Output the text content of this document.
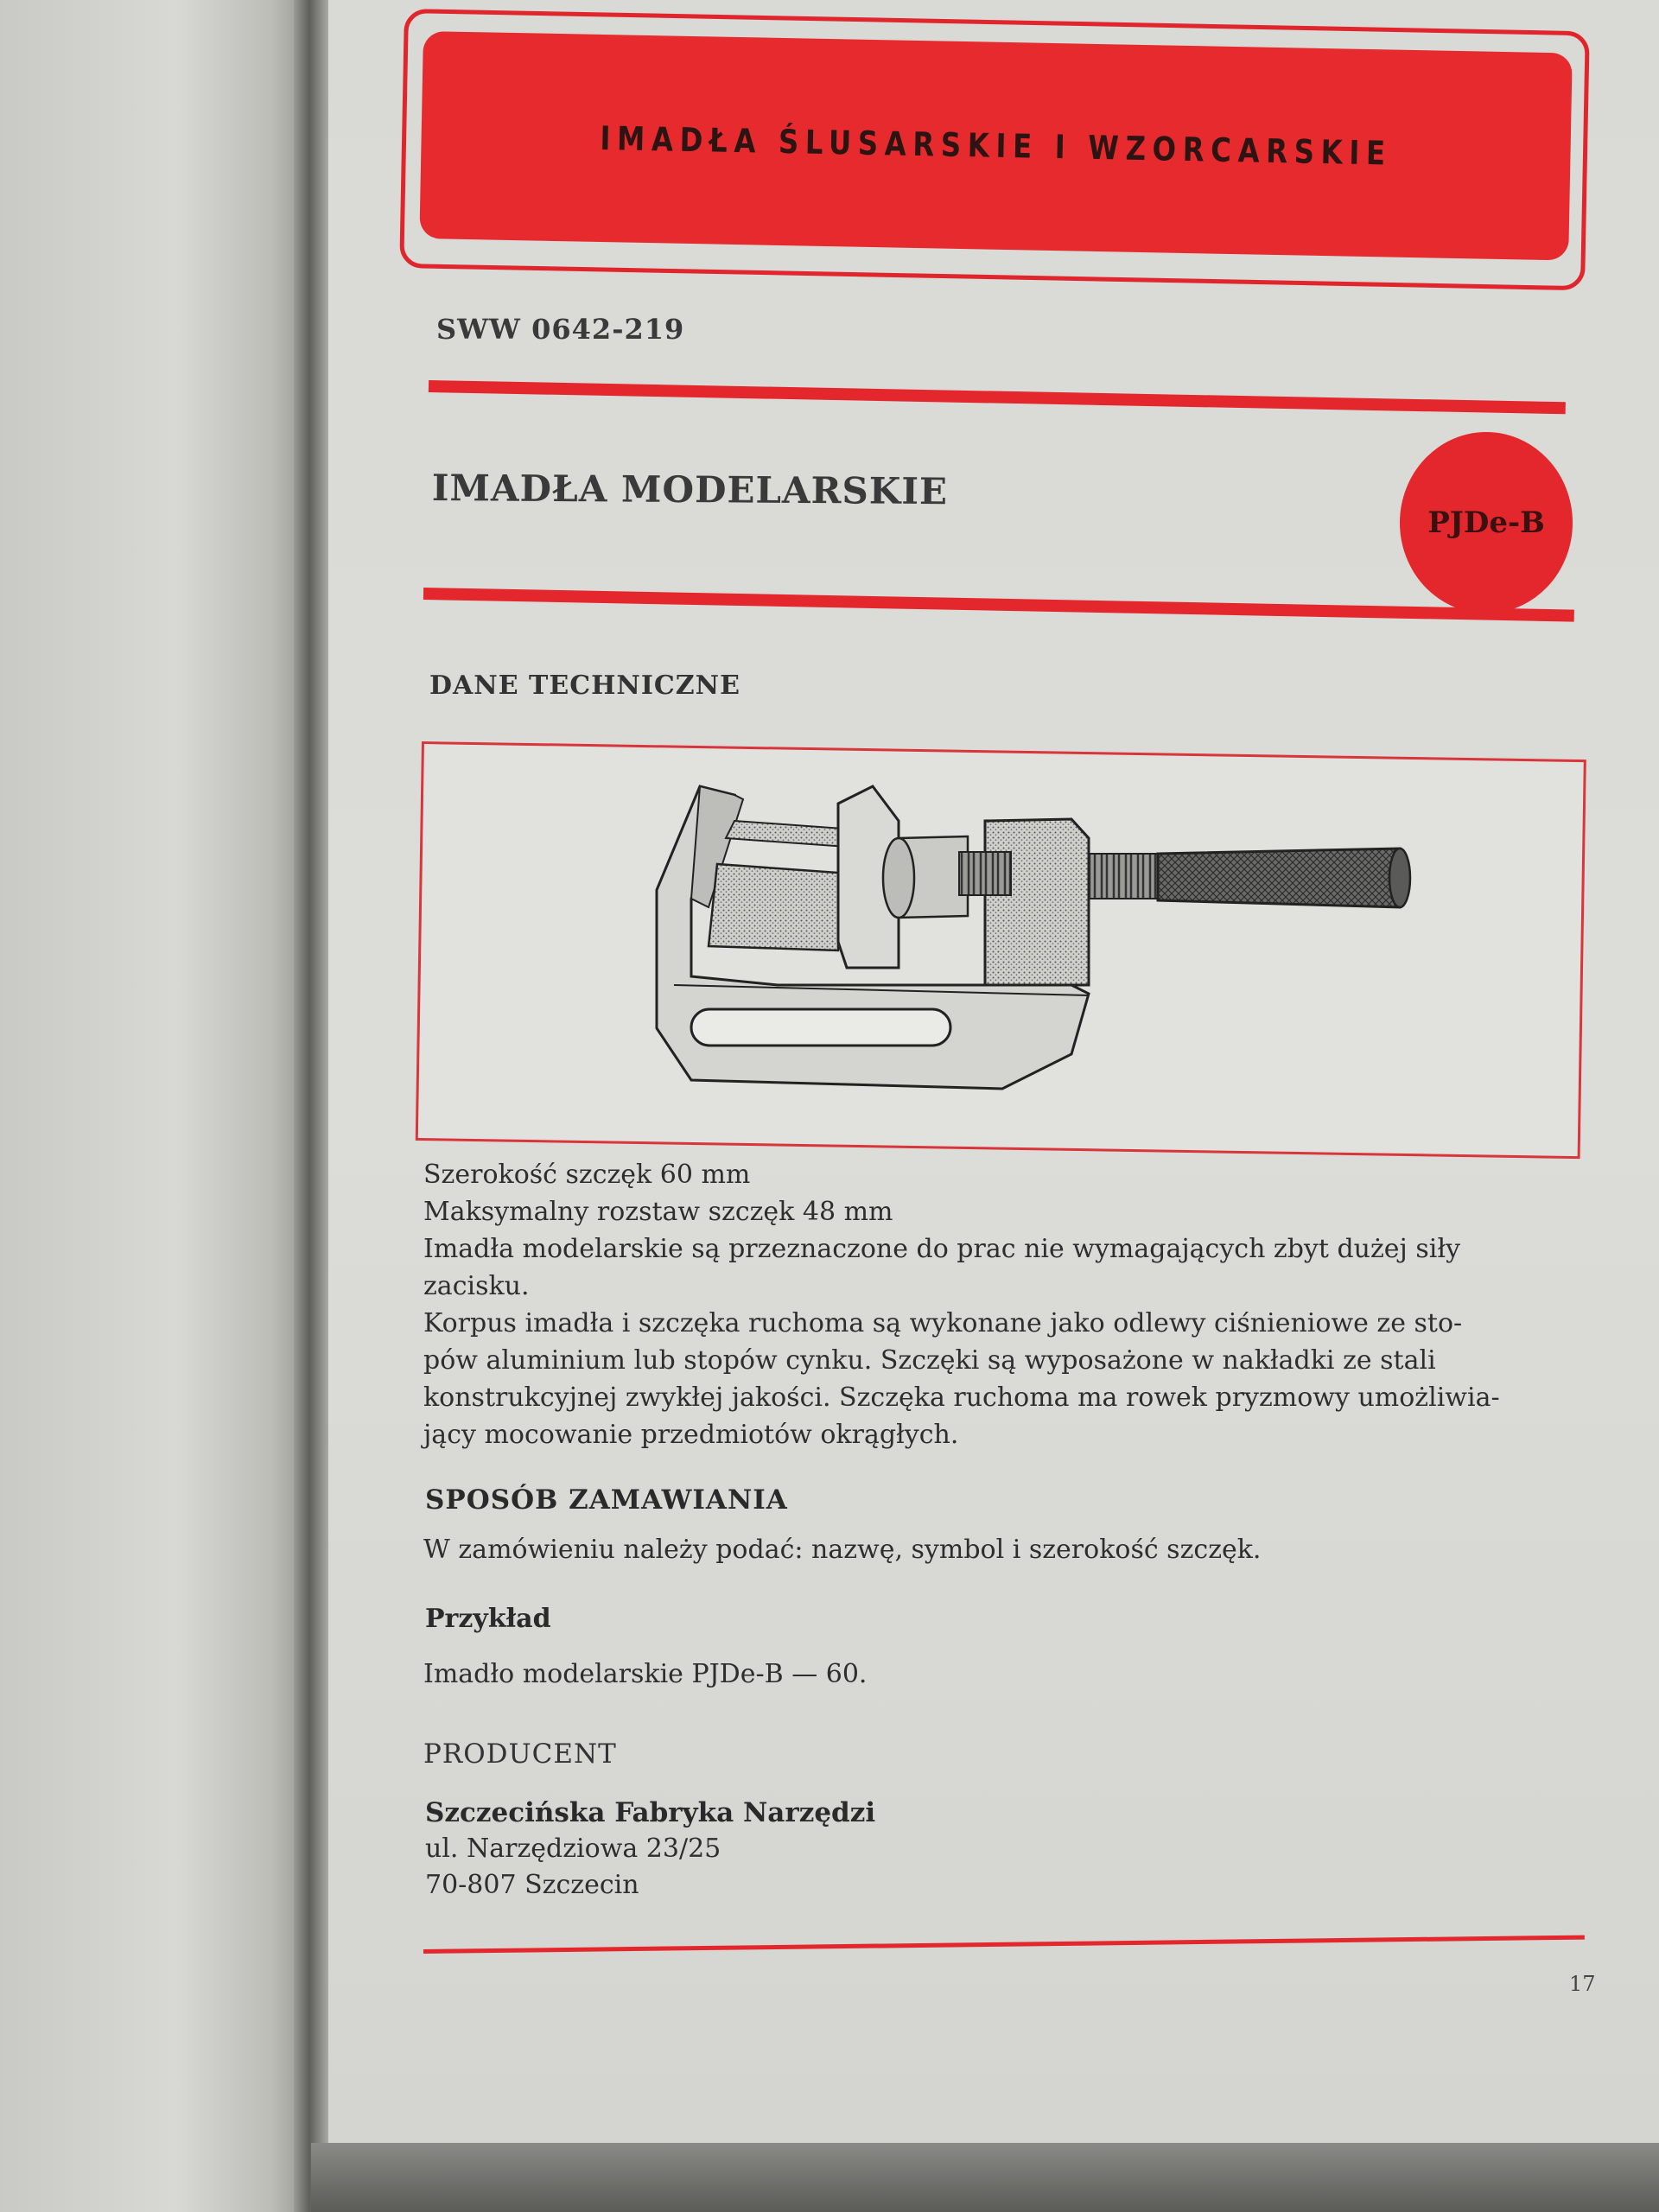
IMADŁA ŚLUSARSKIE I WZORCARSKIE
SWW 0642-219
IMADŁA MODELARSKIE
PJDe-B
DANE TECHNICZNE
Szerokość szczęk 60 mm
Maksymalny rozstaw szczęk 48 mm
Imadła modelarskie są przeznaczone do prac nie wymagających zbyt dużej siły
zacisku.
Korpus imadła i szczęka ruchoma są wykonane jako odlewy ciśnieniowe ze sto-
pów aluminium lub stopów cynku. Szczęki są wyposażone w nakładki ze stali
konstrukcyjnej zwykłej jakości. Szczęka ruchoma ma rowek pryzmowy umożliwia-
jący mocowanie przedmiotów okrągłych.
SPOSÓB ZAMAWIANIA
W zamówieniu należy podać: nazwę, symbol i szerokość szczęk.
Przykład
Imadło modelarskie PJDe-B — 60.
PRODUCENT
Szczecińska Fabryka Narzędzi
ul. Narzędziowa 23/25
70-807 Szczecin
17
